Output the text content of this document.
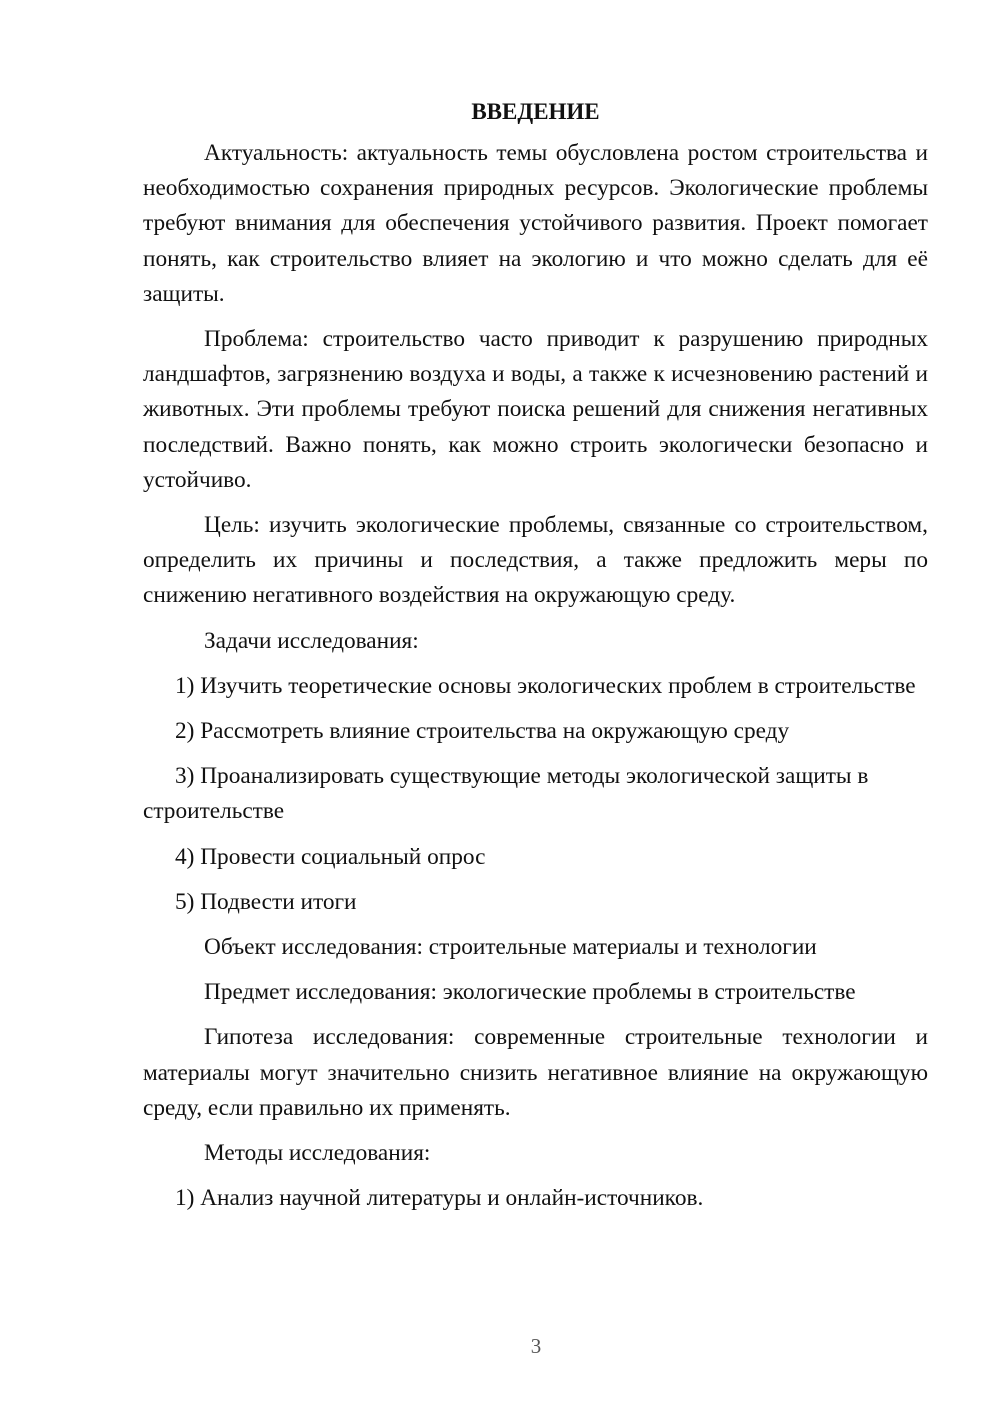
ВВЕДЕНИЕ

Актуальность: актуальность темы обусловлена ростом строительства и необходимостью сохранения природных ресурсов. Экологические проблемы требуют внимания для обеспечения устойчивого развития. Проект помогает понять, как строительство влияет на экологию и что можно сделать для её защиты.

Проблема: строительство часто приводит к разрушению природных ландшафтов, загрязнению воздуха и воды, а также к исчезновению растений и животных. Эти проблемы требуют поиска решений для снижения негативных последствий. Важно понять, как можно строить экологически безопасно и устойчиво.

Цель: изучить экологические проблемы, связанные со строительством, определить их причины и последствия, а также предложить меры по снижению негативного воздействия на окружающую среду.

Задачи исследования:

1) Изучить теоретические основы экологических проблем в строительстве

2) Рассмотреть влияние строительства на окружающую среду

3) Проанализировать существующие методы экологической защиты в строительстве

4) Провести социальный опрос

5) Подвести итоги

Объект исследования: строительные материалы и технологии

Предмет исследования: экологические проблемы в строительстве

Гипотеза исследования: современные строительные технологии и материалы могут значительно снизить негативное влияние на окружающую среду, если правильно их применять.

Методы исследования:

1) Анализ научной литературы и онлайн-источников.

3
